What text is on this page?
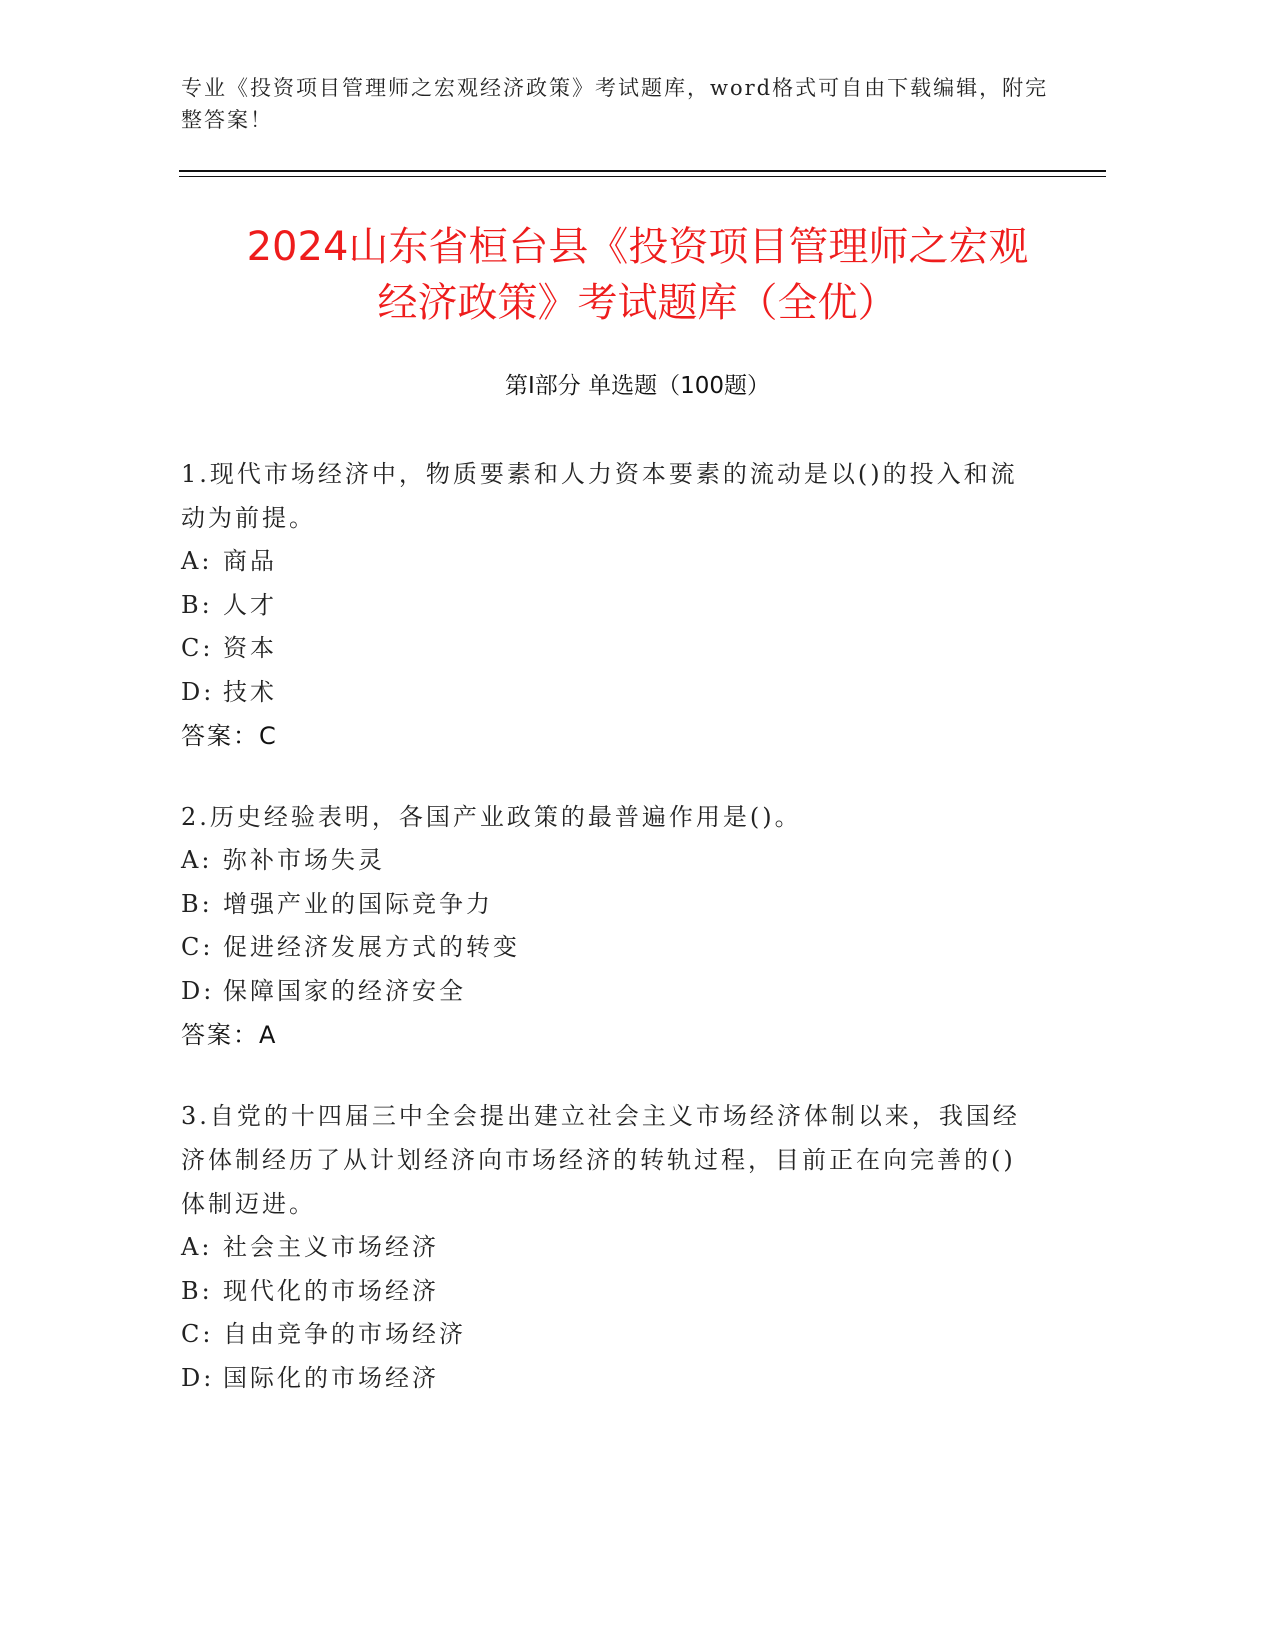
专业《投资项目管理师之宏观经济政策》考试题库，word格式可自由下载编辑，附完整答案！
2024山东省桓台县《投资项目管理师之宏观
经济政策》考试题库（全优）
第Ⅰ部分 单选题（100题）
1.现代市场经济中，物质要素和人力资本要素的流动是以()的投入和流动为前提。
A: 商品
B: 人才
C: 资本
D: 技术
答案：C
2.历史经验表明，各国产业政策的最普遍作用是()。
A: 弥补市场失灵
B: 增强产业的国际竞争力
C: 促进经济发展方式的转变
D: 保障国家的经济安全
答案：A
3.自党的十四届三中全会提出建立社会主义市场经济体制以来，我国经济体制经历了从计划经济向市场经济的转轨过程，目前正在向完善的()体制迈进。
A: 社会主义市场经济
B: 现代化的市场经济
C: 自由竞争的市场经济
D: 国际化的市场经济
